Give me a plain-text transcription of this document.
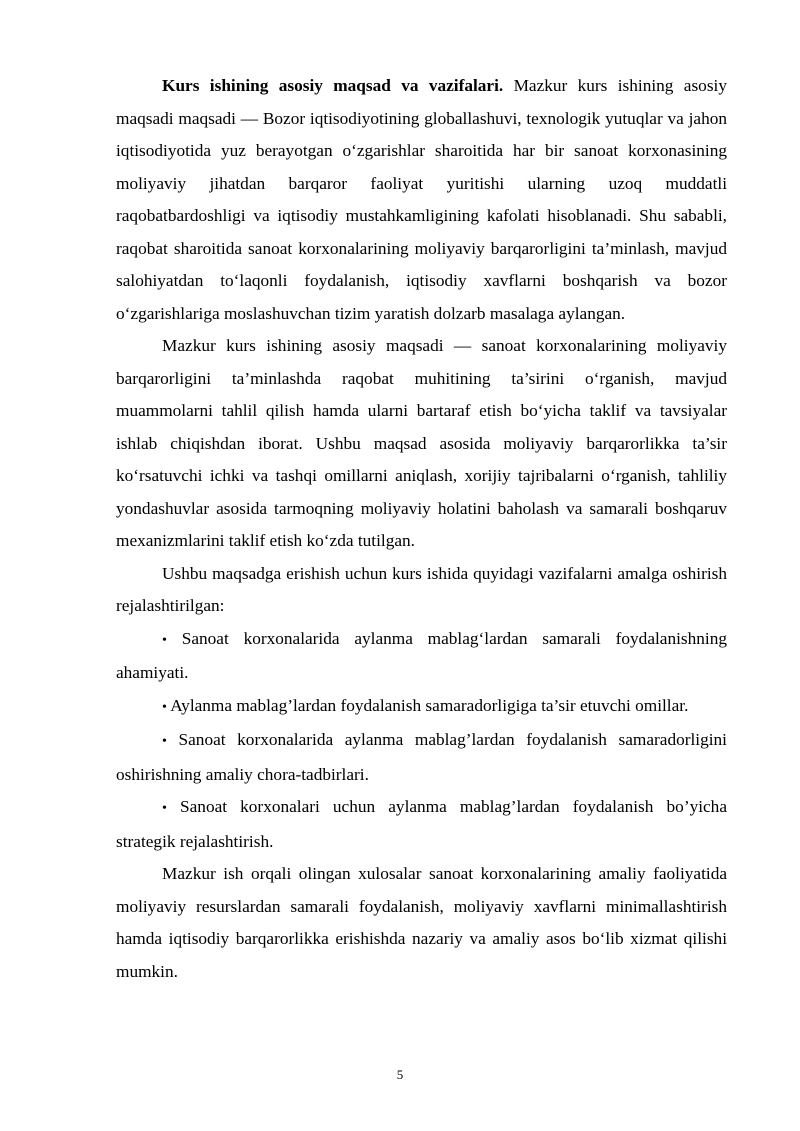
Kurs ishining asosiy maqsad va vazifalari. Mazkur kurs ishining asosiy maqsadi maqsadi — Bozor iqtisodiyotining globallashuvi, texnologik yutuqlar va jahon iqtisodiyotida yuz berayotgan oʻzgarishlar sharoitida har bir sanoat korxonasining moliyaviy jihatdan barqaror faoliyat yuritishi ularning uzoq muddatli raqobatbardoshligi va iqtisodiy mustahkamligining kafolati hisoblanadi. Shu sababli, raqobat sharoitida sanoat korxonalarining moliyaviy barqarorligini ta’minlash, mavjud salohiyatdan toʻlaqonli foydalanish, iqtisodiy xavflarni boshqarish va bozor oʻzgarishlariga moslashuvchan tizim yaratish dolzarb masalaga aylangan.

Mazkur kurs ishining asosiy maqsadi — sanoat korxonalarining moliyaviy barqarorligini ta’minlashda raqobat muhitining ta’sirini oʻrganish, mavjud muammolarni tahlil qilish hamda ularni bartaraf etish boʻyicha taklif va tavsiyalar ishlab chiqishdan iborat. Ushbu maqsad asosida moliyaviy barqarorlikka ta’sir koʻrsatuvchi ichki va tashqi omillarni aniqlash, xorijiy tajribalarni oʻrganish, tahliliy yondashuvlar asosida tarmoqning moliyaviy holatini baholash va samarali boshqaruv mexanizmlarini taklif etish koʻzda tutilgan.

Ushbu maqsadga erishish uchun kurs ishida quyidagi vazifalarni amalga oshirish rejalashtirilgan:

• Sanoat korxonalarida aylanma mablagʻlardan samarali foydalanishning ahamiyati.

• Aylanma mablag’lardan foydalanish samaradorligiga ta’sir etuvchi omillar.

• Sanoat korxonalarida aylanma mablag’lardan foydalanish samaradorligini oshirishning amaliy chora-tadbirlari.

• Sanoat korxonalari uchun aylanma mablag’lardan foydalanish bo’yicha strategik rejalashtirish.

Mazkur ish orqali olingan xulosalar sanoat korxonalarining amaliy faoliyatida moliyaviy resurslardan samarali foydalanish, moliyaviy xavflarni minimallashtirish hamda iqtisodiy barqarorlikka erishishda nazariy va amaliy asos boʻlib xizmat qilishi mumkin.

5
